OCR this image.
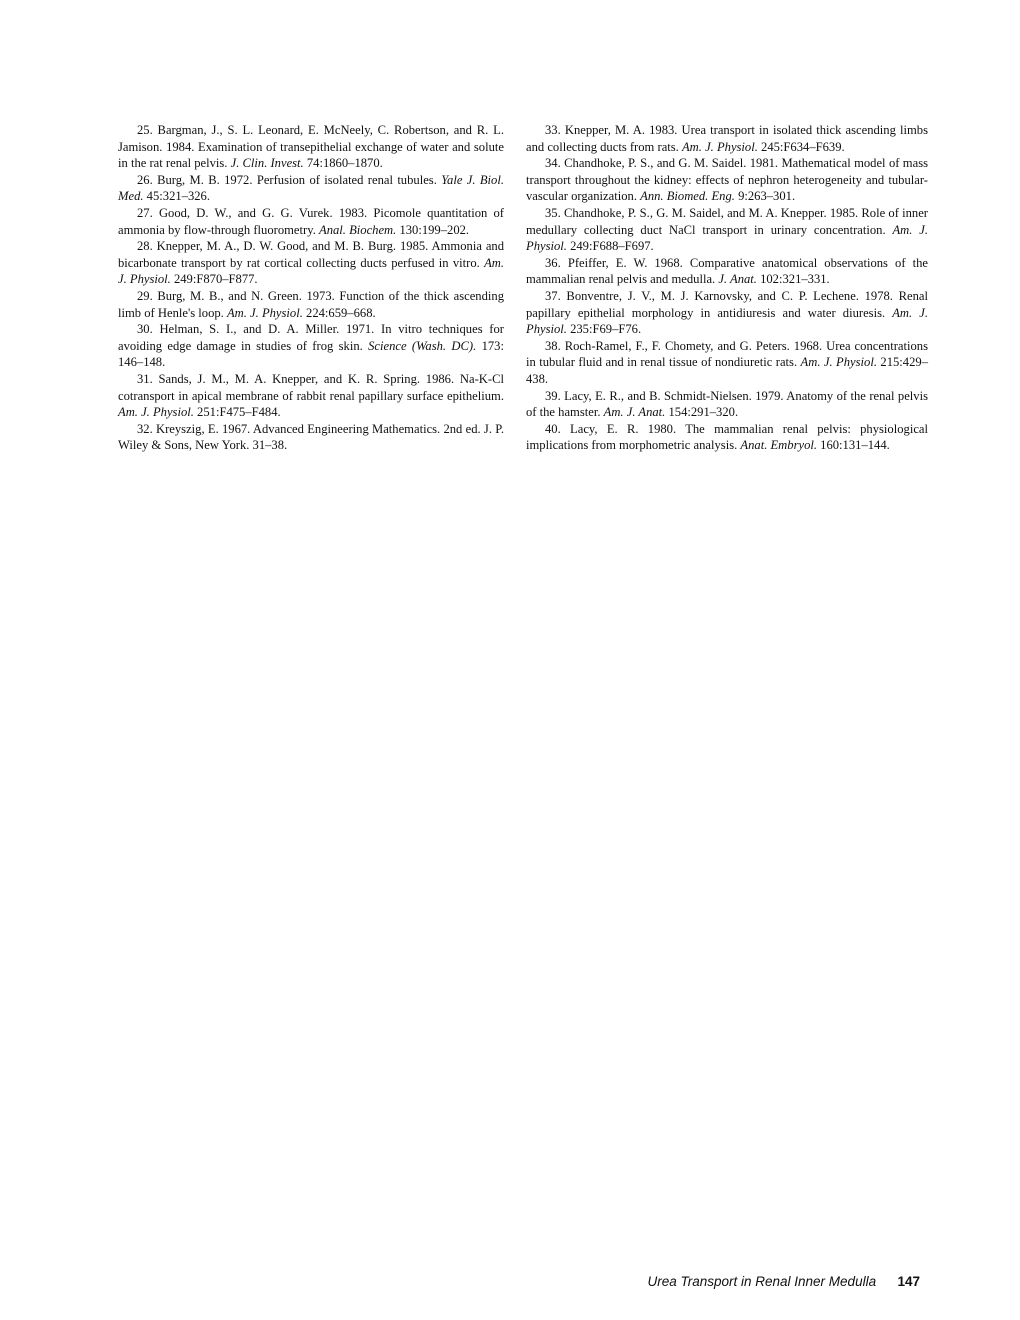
25. Bargman, J., S. L. Leonard, E. McNeely, C. Robertson, and R. L. Jamison. 1984. Examination of transepithelial exchange of water and solute in the rat renal pelvis. J. Clin. Invest. 74:1860–1870.

26. Burg, M. B. 1972. Perfusion of isolated renal tubules. Yale J. Biol. Med. 45:321–326.

27. Good, D. W., and G. G. Vurek. 1983. Picomole quantitation of ammonia by flow-through fluorometry. Anal. Biochem. 130:199–202.

28. Knepper, M. A., D. W. Good, and M. B. Burg. 1985. Ammonia and bicarbonate transport by rat cortical collecting ducts perfused in vitro. Am. J. Physiol. 249:F870–F877.

29. Burg, M. B., and N. Green. 1973. Function of the thick ascending limb of Henle's loop. Am. J. Physiol. 224:659–668.

30. Helman, S. I., and D. A. Miller. 1971. In vitro techniques for avoiding edge damage in studies of frog skin. Science (Wash. DC). 173: 146–148.

31. Sands, J. M., M. A. Knepper, and K. R. Spring. 1986. Na-K-Cl cotransport in apical membrane of rabbit renal papillary surface epithelium. Am. J. Physiol. 251:F475–F484.

32. Kreyszig, E. 1967. Advanced Engineering Mathematics. 2nd ed. J. P. Wiley & Sons, New York. 31–38.

33. Knepper, M. A. 1983. Urea transport in isolated thick ascending limbs and collecting ducts from rats. Am. J. Physiol. 245:F634–F639.

34. Chandhoke, P. S., and G. M. Saidel. 1981. Mathematical model of mass transport throughout the kidney: effects of nephron heterogeneity and tubular-vascular organization. Ann. Biomed. Eng. 9:263–301.

35. Chandhoke, P. S., G. M. Saidel, and M. A. Knepper. 1985. Role of inner medullary collecting duct NaCl transport in urinary concentration. Am. J. Physiol. 249:F688–F697.

36. Pfeiffer, E. W. 1968. Comparative anatomical observations of the mammalian renal pelvis and medulla. J. Anat. 102:321–331.

37. Bonventre, J. V., M. J. Karnovsky, and C. P. Lechene. 1978. Renal papillary epithelial morphology in antidiuresis and water diuresis. Am. J. Physiol. 235:F69–F76.

38. Roch-Ramel, F., F. Chomety, and G. Peters. 1968. Urea concentrations in tubular fluid and in renal tissue of nondiuretic rats. Am. J. Physiol. 215:429–438.

39. Lacy, E. R., and B. Schmidt-Nielsen. 1979. Anatomy of the renal pelvis of the hamster. Am. J. Anat. 154:291–320.

40. Lacy, E. R. 1980. The mammalian renal pelvis: physiological implications from morphometric analysis. Anat. Embryol. 160:131–144.

Urea Transport in Renal Inner Medulla 147
